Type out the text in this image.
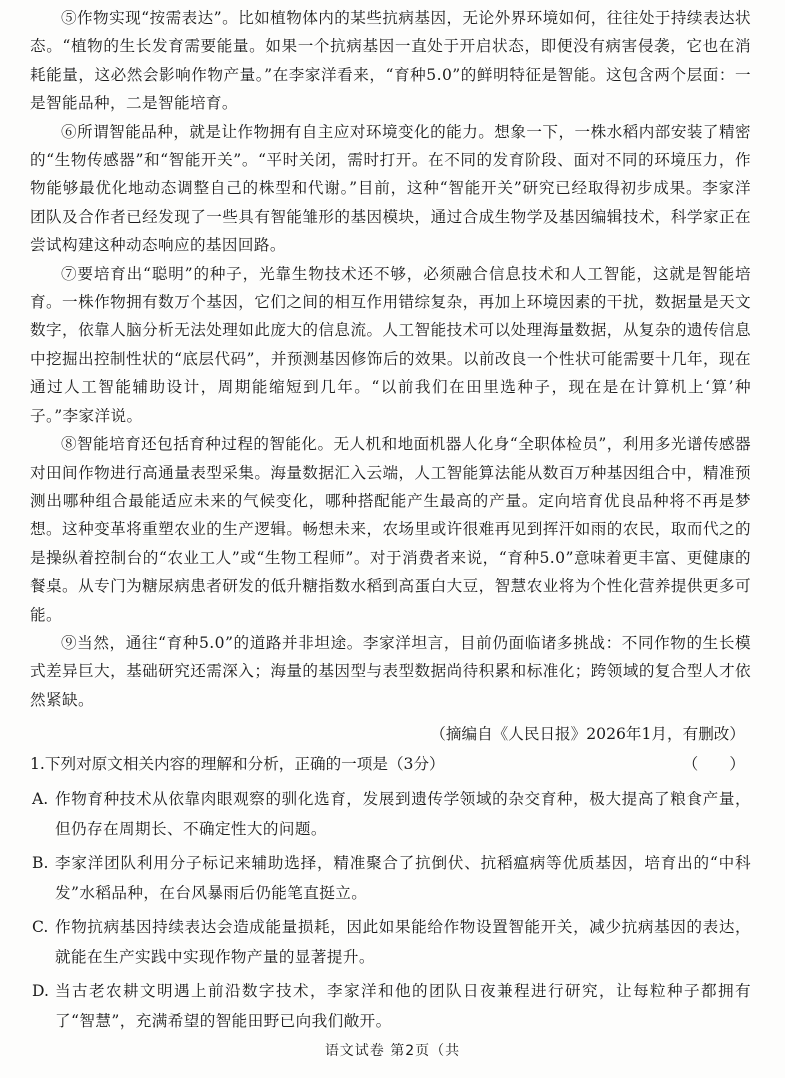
⑤作物实现“按需表达”。比如植物体内的某些抗病基因，无论外界环境如何，往往处于持续表达状态。“植物的生长发育需要能量。如果一个抗病基因一直处于开启状态，即便没有病害侵袭，它也在消耗能量，这必然会影响作物产量。”在李家洋看来，“育种5.0”的鲜明特征是智能。这包含两个层面：一是智能品种，二是智能培育。

⑥所谓智能品种，就是让作物拥有自主应对环境变化的能力。想象一下，一株水稻内部安装了精密的“生物传感器”和“智能开关”。“平时关闭，需时打开。在不同的发育阶段、面对不同的环境压力，作物能够最优化地动态调整自己的株型和代谢。”目前，这种“智能开关”研究已经取得初步成果。李家洋团队及合作者已经发现了一些具有智能雏形的基因模块，通过合成生物学及基因编辑技术，科学家正在尝试构建这种动态响应的基因回路。

⑦要培育出“聪明”的种子，光靠生物技术还不够，必须融合信息技术和人工智能，这就是智能培育。一株作物拥有数万个基因，它们之间的相互作用错综复杂，再加上环境因素的干扰，数据量是天文数字，依靠人脑分析无法处理如此庞大的信息流。人工智能技术可以处理海量数据，从复杂的遗传信息中挖掘出控制性状的“底层代码”，并预测基因修饰后的效果。以前改良一个性状可能需要十几年，现在通过人工智能辅助设计，周期能缩短到几年。“以前我们在田里选种子，现在是在计算机上‘算’种子。”李家洋说。

⑧智能培育还包括育种过程的智能化。无人机和地面机器人化身“全职体检员”，利用多光谱传感器对田间作物进行高通量表型采集。海量数据汇入云端，人工智能算法能从数百万种基因组合中，精准预测出哪种组合最能适应未来的气候变化，哪种搭配能产生最高的产量。定向培育优良品种将不再是梦想。这种变革将重塑农业的生产逻辑。畅想未来，农场里或许很难再见到挥汗如雨的农民，取而代之的是操纵着控制台的“农业工人”或“生物工程师”。对于消费者来说，“育种5.0”意味着更丰富、更健康的餐桌。从专门为糖尿病患者研发的低升糖指数水稻到高蛋白大豆，智慧农业将为个性化营养提供更多可能。

⑨当然，通往“育种5.0”的道路并非坦途。李家洋坦言，目前仍面临诸多挑战：不同作物的生长模式差异巨大，基础研究还需深入；海量的基因型与表型数据尚待积累和标准化；跨领域的复合型人才依然紧缺。

（摘编自《人民日报》2026年1月，有删改）

1.下列对原文相关内容的理解和分析，正确的一项是（3分）	（　　）

A. 作物育种技术从依靠肉眼观察的驯化选育，发展到遗传学领域的杂交育种，极大提高了粮食产量，但仍存在周期长、不确定性大的问题。
B. 李家洋团队利用分子标记来辅助选择，精准聚合了抗倒伏、抗稻瘟病等优质基因，培育出的“中科发”水稻品种，在台风暴雨后仍能笔直挺立。
C. 作物抗病基因持续表达会造成能量损耗，因此如果能给作物设置智能开关，减少抗病基因的表达，就能在生产实践中实现作物产量的显著提升。
D. 当古老农耕文明遇上前沿数字技术，李家洋和他的团队日夜兼程进行研究，让每粒种子都拥有了“智慧”，充满希望的智能田野已向我们敞开。
语文试卷 第2页（共
